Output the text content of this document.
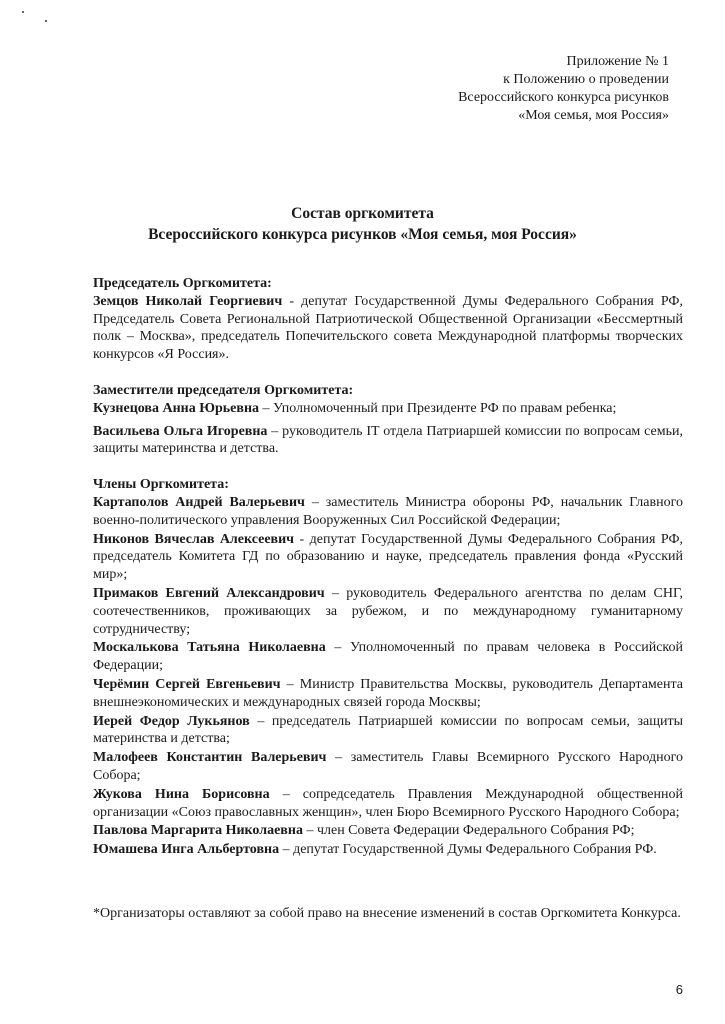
Приложение № 1
к Положению о проведении
Всероссийского конкурса рисунков
«Моя семья, моя Россия»
Состав оргкомитета
Всероссийского конкурса рисунков «Моя семья, моя Россия»
Председатель Оргкомитета:

Земцов Николай Георгиевич - депутат Государственной Думы Федерального Собрания РФ, Председатель Совета Региональной Патриотической Общественной Организации «Бессмертный полк – Москва», председатель Попечительского совета Международной платформы творческих конкурсов «Я Россия».

Заместители председателя Оргкомитета:

Кузнецова Анна Юрьевна – Уполномоченный при Президенте РФ по правам ребенка;

Васильева Ольга Игоревна – руководитель IT отдела Патриаршей комиссии по вопросам семьи, защиты материнства и детства.

Члены Оргкомитета:

Картаполов Андрей Валерьевич – заместитель Министра обороны РФ, начальник Главного военно-политического управления Вооруженных Сил Российской Федерации;

Никонов Вячеслав Алексеевич - депутат Государственной Думы Федерального Собрания РФ, председатель Комитета ГД по образованию и науке, председатель правления фонда «Русский мир»;

Примаков Евгений Александрович – руководитель Федерального агентства по делам СНГ, соотечественников, проживающих за рубежом, и по международному гуманитарному сотрудничеству;

Москалькова Татьяна Николаевна – Уполномоченный по правам человека в Российской Федерации;

Черёмин Сергей Евгеньевич – Министр Правительства Москвы, руководитель Департамента внешнеэкономических и международных связей города Москвы;

Иерей Федор Лукьянов – председатель Патриаршей комиссии по вопросам семьи, защиты материнства и детства;

Малофеев Константин Валерьевич – заместитель Главы Всемирного Русского Народного Собора;

Жукова Нина Борисовна – сопредседатель Правления Международной общественной организации «Союз православных женщин», член Бюро Всемирного Русского Народного Собора;

Павлова Маргарита Николаевна – член Совета Федерации Федерального Собрания РФ;

Юмашева Инга Альбертовна – депутат Государственной Думы Федерального Собрания РФ.

*Организаторы оставляют за собой право на внесение изменений в состав Оргкомитета Конкурса.
6
